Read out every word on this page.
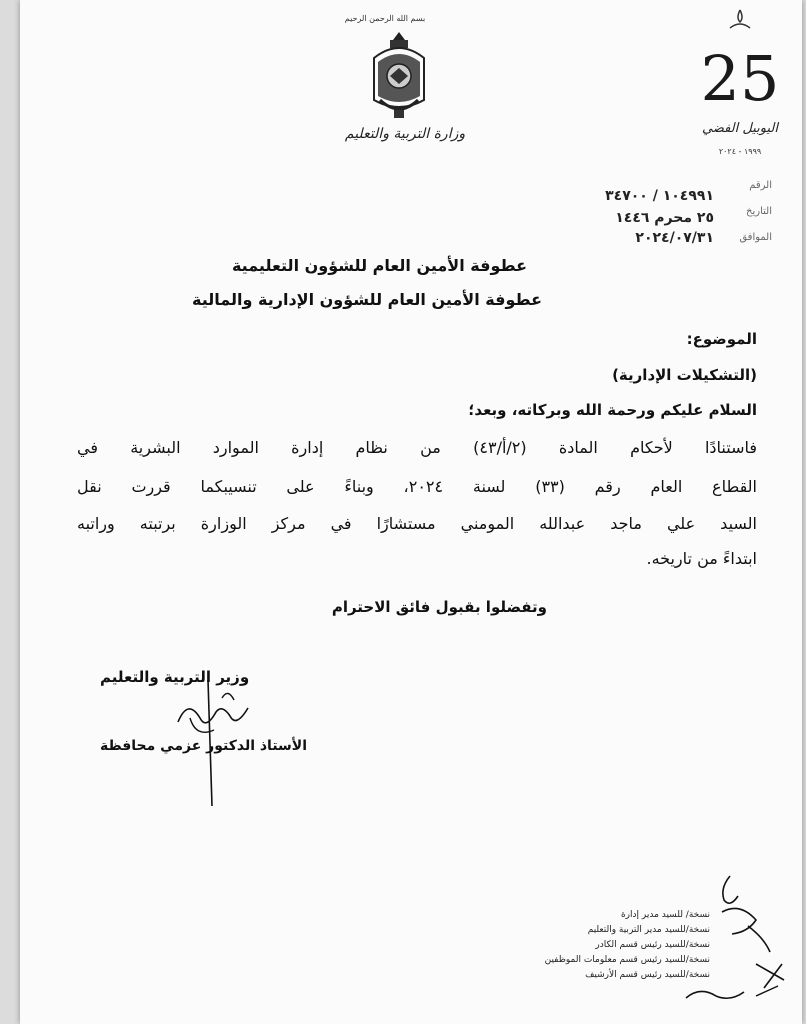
بسم الله الرحمن الرحيم
وزارة التربية والتعليم
25
اليوبيل الفضي
١٩٩٩ - ٢٠٢٤
الرقم
١٠٤٩٩١ / ٣٤٧٠٠
التاريخ
٢٥ محرم ١٤٤٦
الموافق
٢٠٢٤/٠٧/٣١
عطوفة الأمين العام للشؤون التعليمية
عطوفة الأمين العام للشؤون الإدارية والمالية
الموضوع:
(التشكيلات الإدارية)
السلام عليكم ورحمة الله وبركاته، وبعد؛
فاستنادًا لأحكام المادة (٢/أ/٤٣) من نظام إدارة الموارد البشرية في
القطاع العام رقم (٣٣) لسنة ٢٠٢٤، وبناءً على تنسيبكما قررت نقل
السيد علي ماجد عبدالله المومني مستشارًا في مركز الوزارة برتبته وراتبه
ابتداءً من تاريخه.
وتفضلوا بقبول فائق الاحترام
وزير التربية والتعليم
الأستاذ الدكتور عزمي محافظة
نسخة/ للسيد مدير إدارة
نسخة/للسيد مدير التربية والتعليم
نسخة/للسيد رئيس قسم الكادر
نسخة/للسيد رئيس قسم معلومات الموظفين
نسخة/للسيد رئيس قسم الأرشيف
